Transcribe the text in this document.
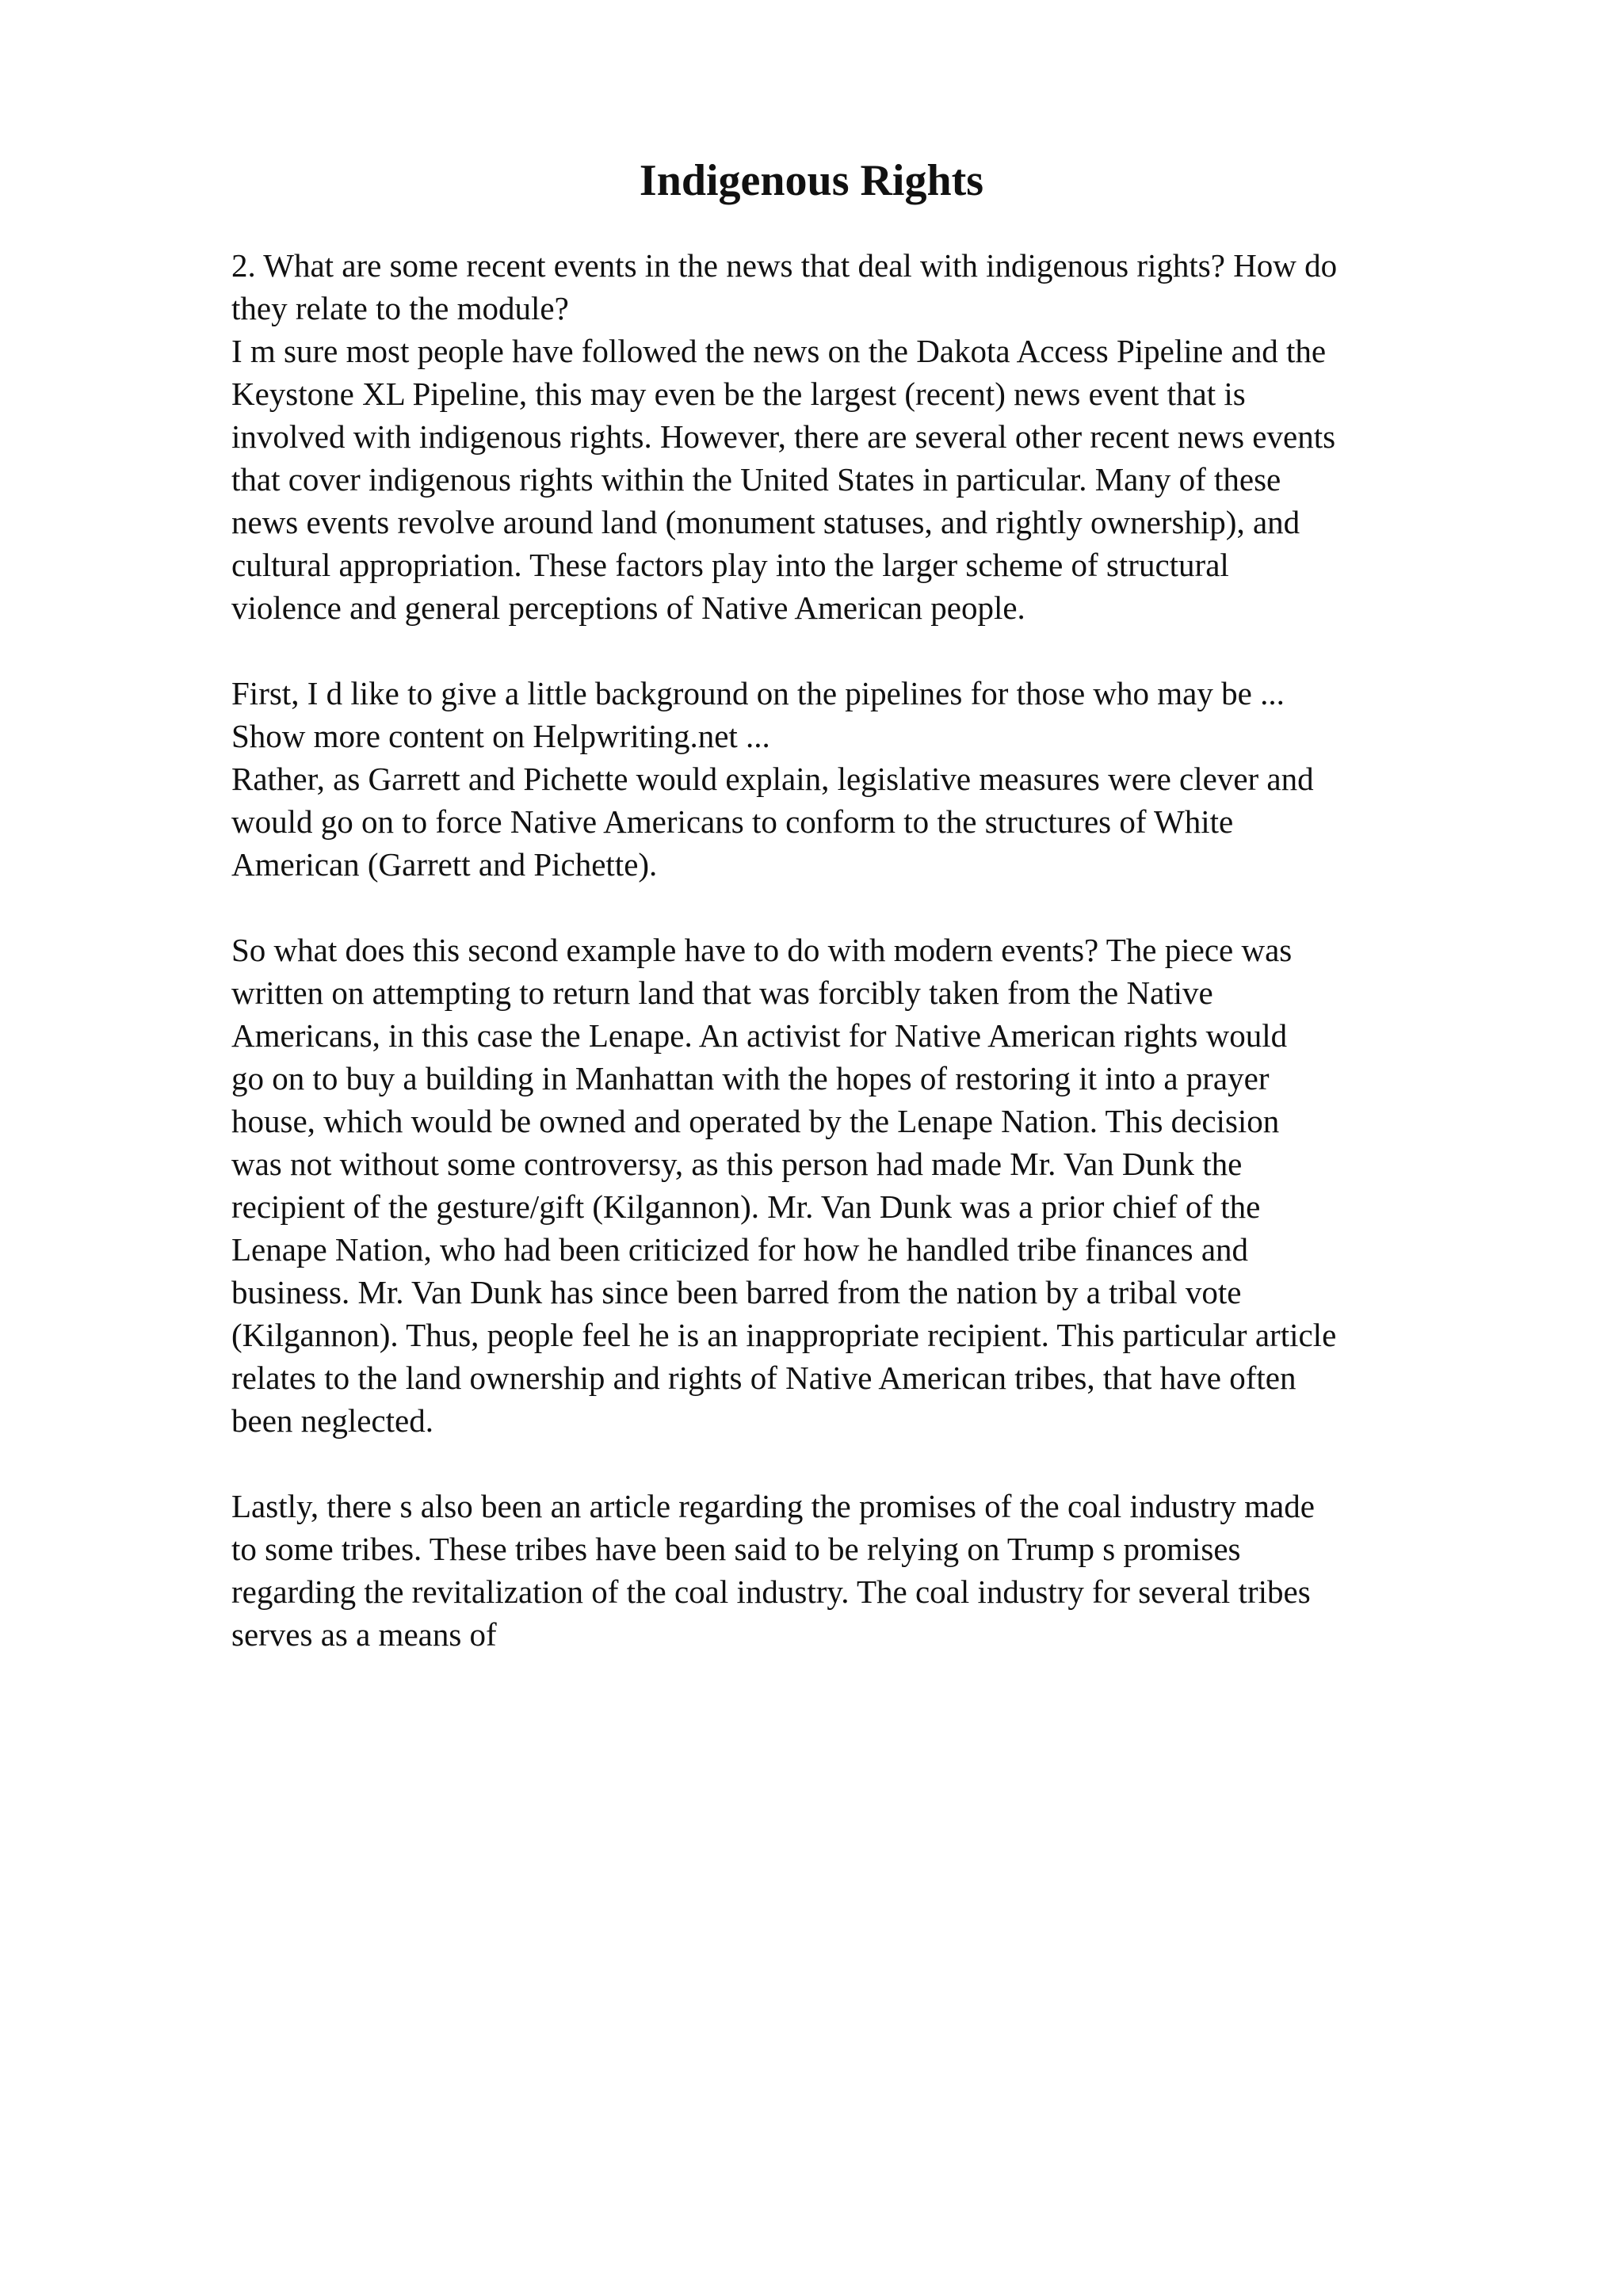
Indigenous Rights
2. What are some recent events in the news that deal with indigenous rights? How do
they relate to the module?
I m sure most people have followed the news on the Dakota Access Pipeline and the
Keystone XL Pipeline, this may even be the largest (recent) news event that is
involved with indigenous rights. However, there are several other recent news events
that cover indigenous rights within the United States in particular. Many of these
news events revolve around land (monument statuses, and rightly ownership), and
cultural appropriation. These factors play into the larger scheme of structural
violence and general perceptions of Native American people.
First, I d like to give a little background on the pipelines for those who may be ...
Show more content on Helpwriting.net ...
Rather, as Garrett and Pichette would explain, legislative measures were clever and
would go on to force Native Americans to conform to the structures of White
American (Garrett and Pichette).
So what does this second example have to do with modern events? The piece was
written on attempting to return land that was forcibly taken from the Native
Americans, in this case the Lenape. An activist for Native American rights would
go on to buy a building in Manhattan with the hopes of restoring it into a prayer
house, which would be owned and operated by the Lenape Nation. This decision
was not without some controversy, as this person had made Mr. Van Dunk the
recipient of the gesture/gift (Kilgannon). Mr. Van Dunk was a prior chief of the
Lenape Nation, who had been criticized for how he handled tribe finances and
business. Mr. Van Dunk has since been barred from the nation by a tribal vote
(Kilgannon). Thus, people feel he is an inappropriate recipient. This particular article
relates to the land ownership and rights of Native American tribes, that have often
been neglected.
Lastly, there s also been an article regarding the promises of the coal industry made
to some tribes. These tribes have been said to be relying on Trump s promises
regarding the revitalization of the coal industry. The coal industry for several tribes
serves as a means of
